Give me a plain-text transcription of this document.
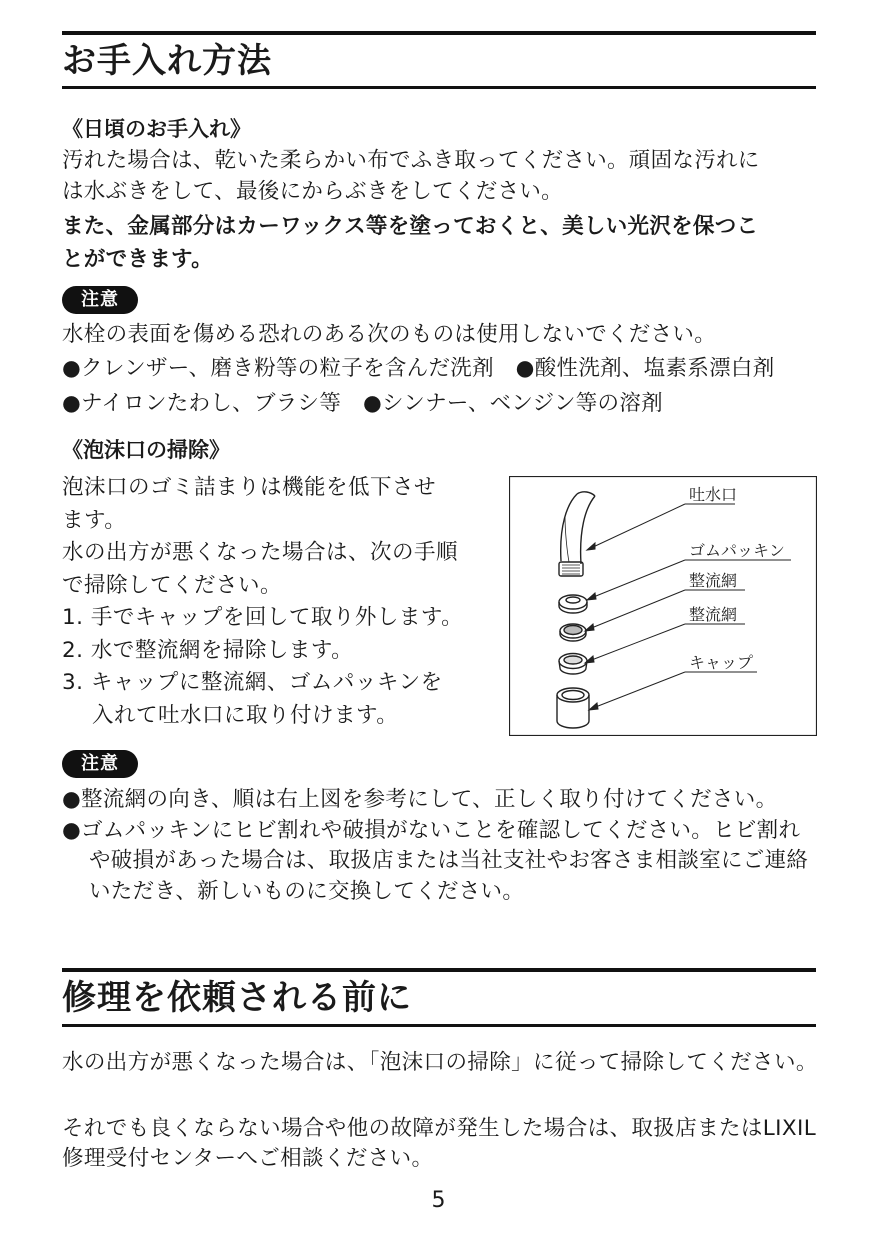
お手入れ方法
《日頃のお手入れ》
汚れた場合は、乾いた柔らかい布でふき取ってください。頑固な汚れに
は水ぶきをして、最後にからぶきをしてください。
また、金属部分はカーワックス等を塗っておくと、美しい光沢を保つこ
とができます。
注意
水栓の表面を傷める恐れのある次のものは使用しないでください。
●クレンザー、磨き粉等の粒子を含んだ洗剤　●酸性洗剤、塩素系漂白剤
●ナイロンたわし、ブラシ等　●シンナー、ベンジン等の溶剤
《泡沫口の掃除》
泡沫口のゴミ詰まりは機能を低下させ
ます。
水の出方が悪くなった場合は、次の手順
で掃除してください。
1. 手でキャップを回して取り外します。
2. 水で整流網を掃除します。
3. キャップに整流網、ゴムパッキンを
入れて吐水口に取り付けます。
吐水口
ゴムパッキン
整流網
整流網
キャップ
注意
●整流網の向き、順は右上図を参考にして、正しく取り付けてください。
●ゴムパッキンにヒビ割れや破損がないことを確認してください。ヒビ割れや破損があった場合は、取扱店または当社支社やお客さま相談室にご連絡いただき、新しいものに交換してください。
修理を依頼される前に
水の出方が悪くなった場合は、「泡沫口の掃除」に従って掃除してください。
それでも良くならない場合や他の故障が発生した場合は、取扱店またはLIXIL修理受付センターへご相談ください。
5
